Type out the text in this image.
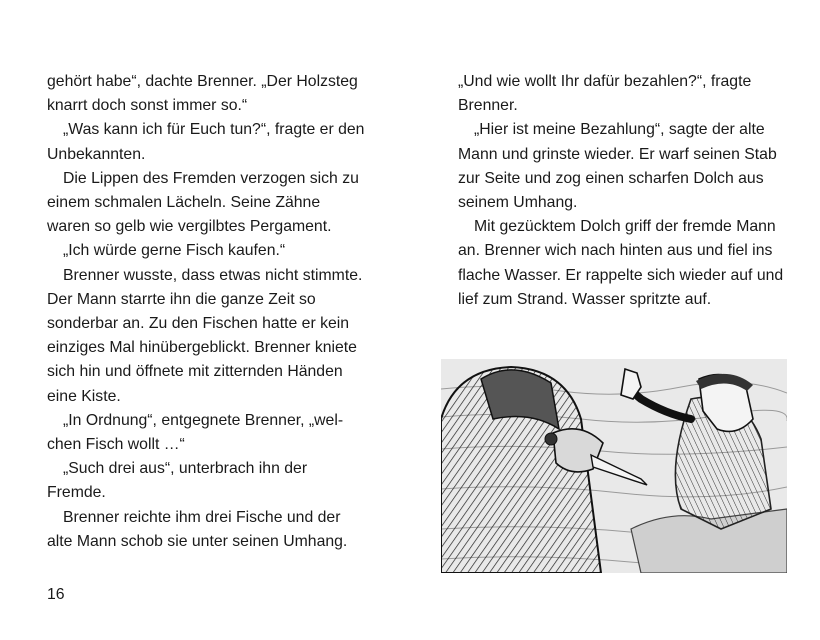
gehört habe“, dachte Brenner. „Der Holzsteg knarrt doch sonst immer so.“

„Was kann ich für Euch tun?“, fragte er den Unbekannten.

Die Lippen des Fremden verzogen sich zu einem schmalen Lächeln. Seine Zähne waren so gelb wie vergilbtes Pergament.

„Ich würde gerne Fisch kaufen.“

Brenner wusste, dass etwas nicht stimmte. Der Mann starrte ihn die ganze Zeit so sonderbar an. Zu den Fischen hatte er kein einziges Mal hinübergeblickt. Brenner kniete sich hin und öffnete mit zitternden Händen eine Kiste.

„In Ordnung“, entgegnete Brenner, „welchen Fisch wollt …“

„Such drei aus“, unterbrach ihn der Fremde.

Brenner reichte ihm drei Fische und der alte Mann schob sie unter seinen Umhang.

„Und wie wollt Ihr dafür bezahlen?“, fragte Brenner.

„Hier ist meine Bezahlung“, sagte der alte Mann und grinste wieder. Er warf seinen Stab zur Seite und zog einen scharfen Dolch aus seinem Umhang.

Mit gezücktem Dolch griff der fremde Mann an. Brenner wich nach hinten aus und fiel ins flache Wasser. Er rappelte sich wieder auf und lief zum Strand. Wasser spritzte auf.

16
